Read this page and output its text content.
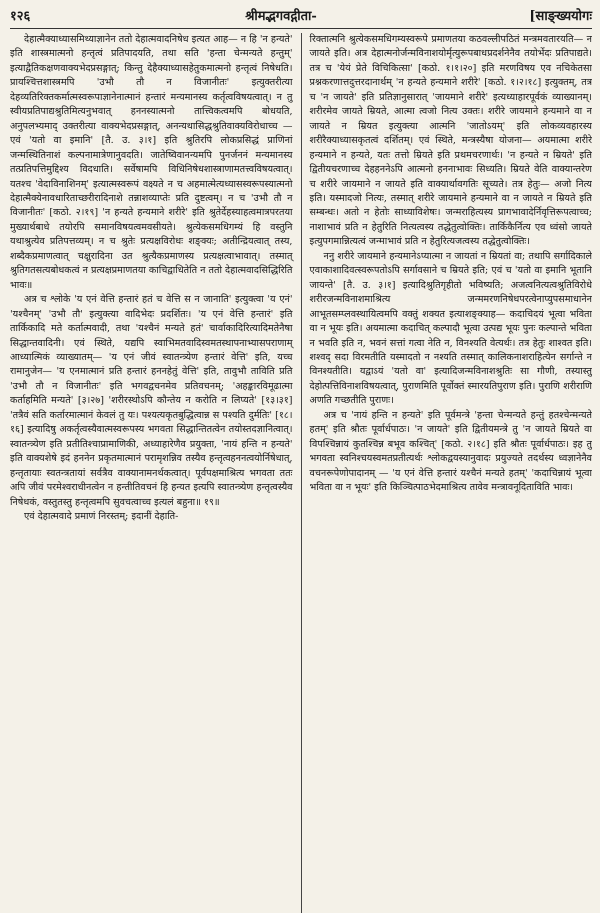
१२६	श्रीमद्भगवद्गीता-	[साङ्ख्ययोगः

देहात्मैक्याध्यासमिथ्याज्ञानेन ततो देहात्मवादनिषेध इत्यत आह— न हि 'न हन्यते' इति शास्त्रमात्मनो हन्तृत्वं प्रतिपादयति, तथा सति 'हन्ता चेन्मन्यते हन्तुम्' इत्याद्वैतिकक्षणवाक्यभेदप्रसङ्गात्; किन्तु देहैक्याध्यासहेतुकमात्मनो हन्तृत्वं निषेधति। प्रायश्चित्तशास्त्रमपि 'उभौ तौ न विजानीतः' इत्युक्तरीत्या देहव्यतिरिक्तकर्मात्मस्वरूपाज्ञानेनात्मानं हन्तारं मन्यमानस्य कर्तृत्वविषयत्वात्। न तु स्वीयप्रतिपाद्यश्रुतिमित्यनुभवात् हननस्यात्मनो तात्त्विकत्वमपि बोधयति, अनुपलभ्यमाद् उक्तरीत्या वाक्यभेदप्रसङ्गात्, अनन्यथासिद्धश्रुतिवाक्यविरोधाच्च — एवं 'यतो वा इमानि' [तै. उ. ३।१] इति श्रुतिरपि लोकप्रसिद्धं प्राणिनां जन्मस्थितिनाशं कल्पनामात्रेणानुवदति। जातेष्विवानन्यमपि पुनर्जननं मन्यमानस्य तत्प्रतिपत्तिमुद्दिश्य विदधाति। सर्वेषामपि विधिनिषेधशास्त्राणामतत्त्वविषयत्वात्। यतश्च 'वेदाविनाशिनम्' इत्यात्मस्वरूपं वक्ष्यते न च अहमात्मेत्यध्यासस्वरूपस्यात्मनो देहात्मैक्येनावधारिताच्छरीरादिनाशे तन्नाशव्याप्तेः प्रति दुष्टत्वम्। न च 'उभौ तौ न विजानीतः' [कठो. २।१९] 'न हन्यते हन्यमाने शरीरे' इति श्रुतेर्देहस्याहत्वमात्रपरतया मुख्यार्थबाधे तयोरपि समानविषयत्वमवसीयते। श्रुत्येकसमधिगम्यं हि वस्तुनि यथाश्रुत्येव प्रतिपत्तव्यम्। न च श्रुतेः प्रत्यक्षविरोधः शङ्क्यः; अतीन्द्रियत्वात् तस्य, शब्दैकप्रमाणत्वात् चक्षुरादिना उत श्रुत्यैकप्रमाणस्य प्रत्यक्षत्वाभावात्। तस्मात् श्रुतिगतसत्यबोधकत्वं न प्रत्यक्षप्रमाणतया काचिद्वाधितेति न ततो देहात्मवादसिद्धिरिति भावः॥

अत्र च श्लोके 'य एनं वेत्ति हन्तारं हतं च वेत्ति स न जानाति' इत्युक्त्वा 'य एनं' 'यश्चैनम्' 'उभौ तौ' इत्युक्त्या वादिभेदः प्रदर्शितः। 'य एनं वेत्ति हन्तारं' इति तार्किकादि मते कर्तात्मवादी, तथा 'यश्चैनं मन्यते हतं' चार्वाकादिरित्यादिमतेनैषा सिद्धान्तवादिनी। एवं स्थिते, यद्यपि स्वाभिमतवादिस्वमतस्थापनाभ्यासपराणाम् आध्यात्मिकं व्याख्यातम्— 'य एनं जीवं स्वातन्त्र्येण हन्तारं वेत्ति' इति, यच्च रामानुजेन— 'य एनमात्मानं प्रति हन्तारं हननहेतुं वेत्ति' इति, तावुभौ ताविति प्रति 'उभौ तौ न विजानीतः' इति भगवद्वचनमेव प्रतिवचनम्; 'अहङ्कारविमूढात्मा कर्ताहमिति मन्यते' [३।२७] 'शरीरस्थोऽपि कौन्तेय न करोति न लिप्यते' [१३।३१] 'तत्रैवं सति कर्तारमात्मानं केवलं तु यः। पश्यत्यकृतबुद्धित्वान्न स पश्यति दुर्मतिः' [१८।१६] इत्यादिषु अकर्तृत्वस्यैवात्मस्वरूपस्य भगवता सिद्धान्तितत्वेन तयोस्तदज्ञानित्वात्। स्वातन्त्र्येण इति प्रतीतिश्चाप्रामाणिकी, अध्याहारेणैव प्रयुक्ता, 'नायं हन्ति न हन्यते' इति वाक्यशेषे इदं हननेन प्रकृतमात्मानं परामृशन्निव तस्यैव हन्तृत्वहननत्वयोर्निषेधात्, हन्तृतायाः स्वतन्त्रतायां सर्वत्रैव वाक्यानामनर्थकत्वात्। पूर्वपक्षमाश्रित्य भगवता ततः अपि जीवं परमेश्वराधीनत्वेन न हन्तीतिवचनं हि हन्यत इत्यपि स्वातन्त्र्येण हन्तृत्वस्यैव निषेधकं, वस्तुतस्तु हन्तृत्वमपि सुवचत्वाच्च इत्यलं बहुना॥ १९॥

एवं देहात्मवादे प्रमाणं निरस्तम्; इदानीं देहाति-

रिक्तात्मनि श्रुत्येकसमधिगम्यस्वरूपे प्रमाणतया कठवल्लीपठितं मन्त्रमवतारयति— न जायते इति। अत्र देहात्मनोर्जन्मविनाशयोर्मृत्युरूपबाधप्रदर्शनेनैव तयोर्भेदः प्रतिपाद्यते। तत्र च 'येयं प्रेते विचिकित्सा' [कठो. १।१।२०] इति मरणविषय एव नचिकेतसा प्रश्नकरणात्तदुत्तरदानार्थम् 'न हन्यते हन्यमाने शरीरे' [कठो. १।२।१८] इत्युक्तम्, तत्र च 'न जायते' इति प्रतिज्ञानुसारात् 'जायमाने शरीरे' इत्यध्याहारपूर्वकं व्याख्यानम्। शरीरमेव जायते म्रियते, आत्मा त्वजो नित्य उक्तः। शरीरे जायमाने हन्यमाने वा न जायते न म्रियत इत्युक्त्या आत्मनि 'जातोऽयम्' इति लोकव्यवहारस्य शरीरैक्याध्यासकृतत्वं दर्शितम्। एवं स्थिते, मन्त्रस्यैषा योजना— अयमात्मा शरीरे हन्यमाने न हन्यते, यतः तत्तो म्रियते इति प्रथमचरणार्थः। 'न हन्यते न म्रियते' इति द्वितीयचरणाच्च देहहननेऽपि आत्मनो हननाभावः सिध्यति। म्रियते वेति वाक्यान्तरेण च शरीरे जायमाने न जायते इति वाक्यार्थावगतिः सूच्यते। तत्र हेतुः— अजो नित्य इति। यस्मादजो नित्यः, तस्मात् शरीरे जायमाने हन्यमाने वा न जायते न म्रियते इति सम्बन्धः। अतो न हेतोः साध्याविशेषः। जन्मराहित्यस्य प्रागभावादेर्निवृत्तिरूपत्वाच्च; नाशाभावं प्रति न हेतुरिति नित्यत्वस्य तद्धेतुत्वोक्तिः। तार्किकैर्नित्य एव ध्वंसो जायते इत्युपगमान्नित्यत्वं जन्माभावं प्रति न हेतुरित्यजत्वस्य तद्धेतुत्वोक्तिः।

ननु शरीरे जायमाने हन्यमानेऽप्यात्मा न जायतां न म्रियतां वा; तथापि सर्गादिकाले एवाकाशादिवत्स्वरूपतोऽपि सर्गावसाने च म्रियते इति; एवं च 'यतो वा इमानि भूतानि जायन्ते' [तै. उ. ३।१] इत्यादिश्रुतिगृहीतो भविष्यति; अजत्वनित्यत्वश्रुतिविरोधे शरीरजन्मविनाशमाश्रित्य जन्ममरणनिषेधपरत्वेनाप्युपसमाधानेन आभूतसम्प्लवस्थायित्वमपि वक्तुं शक्यत इत्याशङ्क्याह— कदाचिदयं भूत्वा भविता वा न भूयः इति। अयमात्मा कदाचित् कल्पादौ भूत्वा उत्पद्य भूयः पुनः कल्पान्ते भविता न भवति इति न, भवनं सत्तां गत्वा नेति न, विनश्यति वेत्यर्थः। तत्र हेतुः शाश्वत इति। शश्वद् सदा विरमतीति यस्मादतो न नश्यति तस्मात् कालिकनाशराहित्येन सर्गान्ते न विनश्यतीति। यद्वाऽयं 'यतो वा' इत्यादिजन्मविनाशश्रुतिः सा गौणी, तस्यास्तु देहोत्पत्तिविनाशविषयत्वात्, पुराणमिति पूर्वोक्तं स्मारयतिपुराण इति। पुराणि शरीराणि अणति गच्छतीति पुराणः।

अत्र च 'नायं हन्ति न हन्यते' इति पूर्वमन्त्रे 'हन्ता चेन्मन्यते हन्तुं हतश्चेन्मन्यते हतम्' इति श्रौतः पूर्वार्धपाठः। 'न जायते' इति द्वितीयमन्त्रे तु 'न जायते म्रियते वा विपश्चिन्नायं कुतश्चिन्न बभूव कश्चित्' [कठो. २।१८] इति श्रौतः पूर्वार्धपाठः। इह तु भगवता स्वनिश्चयस्वमतप्रतीत्यर्थः श्लोकद्वयस्यानुवादः प्रयुज्यते तदर्थस्य ध्वज्ञानेनैव वचनरूपेणोपादानम् — 'य एनं वेत्ति हन्तारं यश्चैनं मन्यते हतम्' 'कदाचिन्नायं भूत्वा भविता वा न भूयः' इति किञ्चित्पाठभेदमाश्रित्य तावेव मन्त्रावनूदिताविति भावः।
